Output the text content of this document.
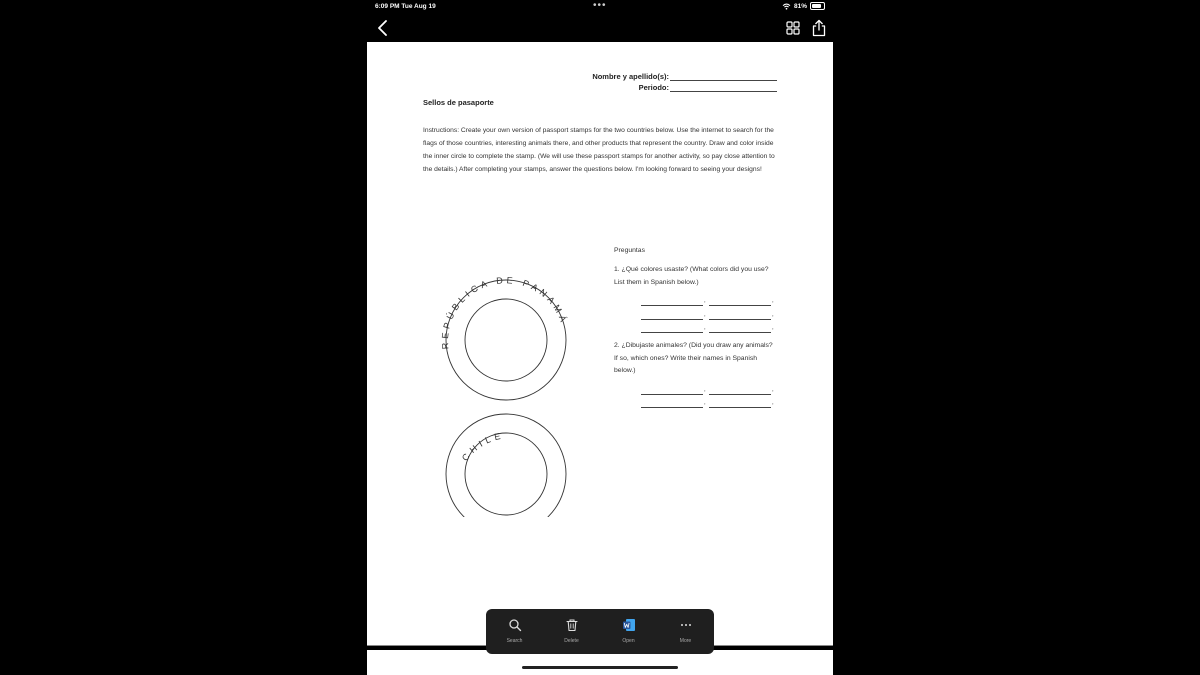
6:09 PM Tue Aug 19	•••	81%
Nombre y apellido(s):
Periodo:
Sellos de pasaporte
Instructions: Create your own version of passport stamps for the two countries below. Use the internet to search for the flags of those countries, interesting animals there, and other products that represent the country. Draw and color inside the inner circle to complete the stamp. (We will use these passport stamps for another activity, so pay close attention to the details.) After completing your stamps, answer the questions below. I'm looking forward to seeing your designs!
REPÚBLICA DE PANAMÁ
CHILE
Preguntas
1. ¿Qué colores usaste? (What colors did you use? List them in Spanish below.)
,	,
,	,
,	,
2. ¿Dibujaste animales? (Did you draw any animals? If so, which ones? Write their names in Spanish below.)
,	,
,	,
Search	Delete	Open	More
